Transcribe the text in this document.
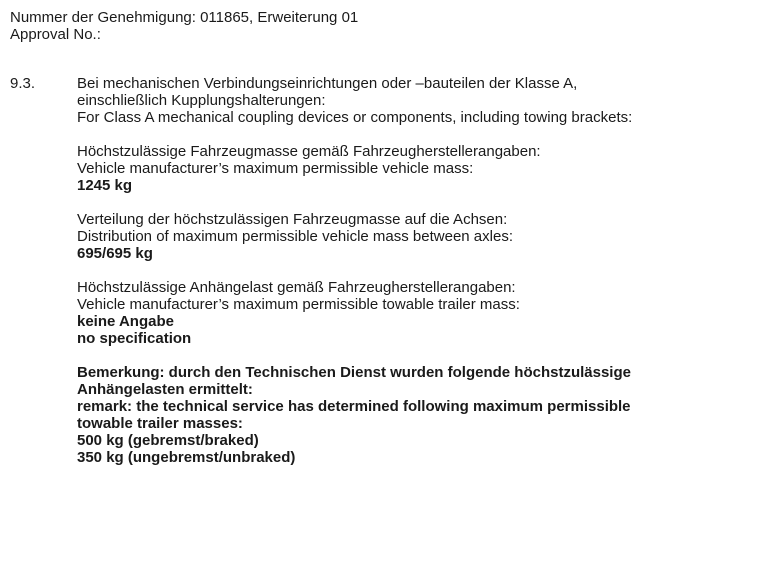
Nummer der Genehmigung: 011865, Erweiterung 01
Approval No.:
9.3.	Bei mechanischen Verbindungseinrichtungen oder –bauteilen der Klasse A,
einschließlich Kupplungshalterungen:
For Class A mechanical coupling devices or components, including towing brackets:
Höchstzulässige Fahrzeugmasse gemäß Fahrzeugherstellerangaben:
Vehicle manufacturer’s maximum permissible vehicle mass:
1245 kg
Verteilung der höchstzulässigen Fahrzeugmasse auf die Achsen:
Distribution of maximum permissible vehicle mass between axles:
695/695 kg
Höchstzulässige Anhängelast gemäß Fahrzeugherstellerangaben:
Vehicle manufacturer’s maximum permissible towable trailer mass:
keine Angabe
no specification
Bemerkung: durch den Technischen Dienst wurden folgende höchstzulässige
Anhängelasten ermittelt:
remark: the technical service has determined following maximum permissible
towable trailer masses:
500 kg (gebremst/braked)
350 kg (ungebremst/unbraked)
